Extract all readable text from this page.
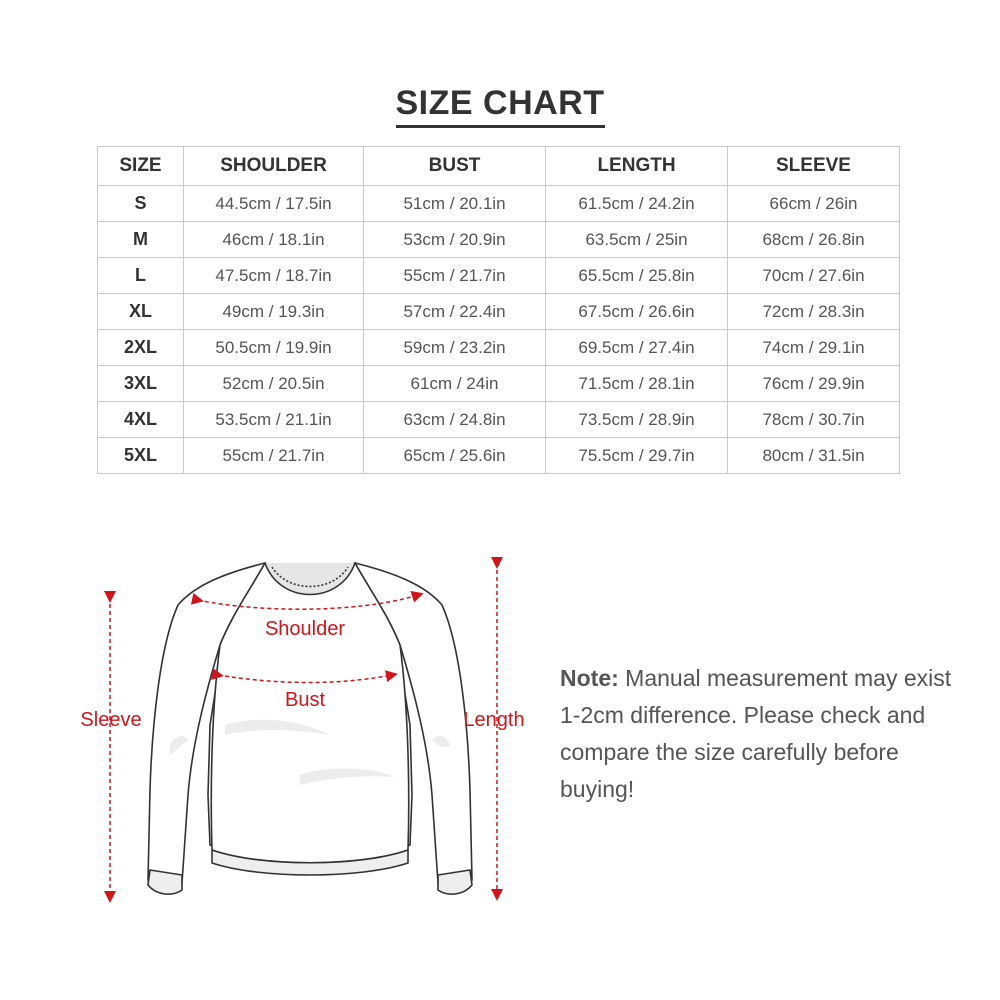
SIZE CHART
SIZE	SHOULDER	BUST	LENGTH	SLEEVE
S	44.5cm / 17.5in	51cm / 20.1in	61.5cm / 24.2in	66cm / 26in
M	46cm / 18.1in	53cm / 20.9in	63.5cm / 25in	68cm / 26.8in
L	47.5cm / 18.7in	55cm / 21.7in	65.5cm / 25.8in	70cm / 27.6in
XL	49cm / 19.3in	57cm / 22.4in	67.5cm / 26.6in	72cm / 28.3in
2XL	50.5cm / 19.9in	59cm / 23.2in	69.5cm / 27.4in	74cm / 29.1in
3XL	52cm / 20.5in	61cm / 24in	71.5cm / 28.1in	76cm / 29.9in
4XL	53.5cm / 21.1in	63cm / 24.8in	73.5cm / 28.9in	78cm / 30.7in
5XL	55cm / 21.7in	65cm / 25.6in	75.5cm / 29.7in	80cm / 31.5in
Shoulder
Bust
Sleeve	Length
Note: Manual measurement may exist 1-2cm difference. Please check and compare the size carefully before buying!
